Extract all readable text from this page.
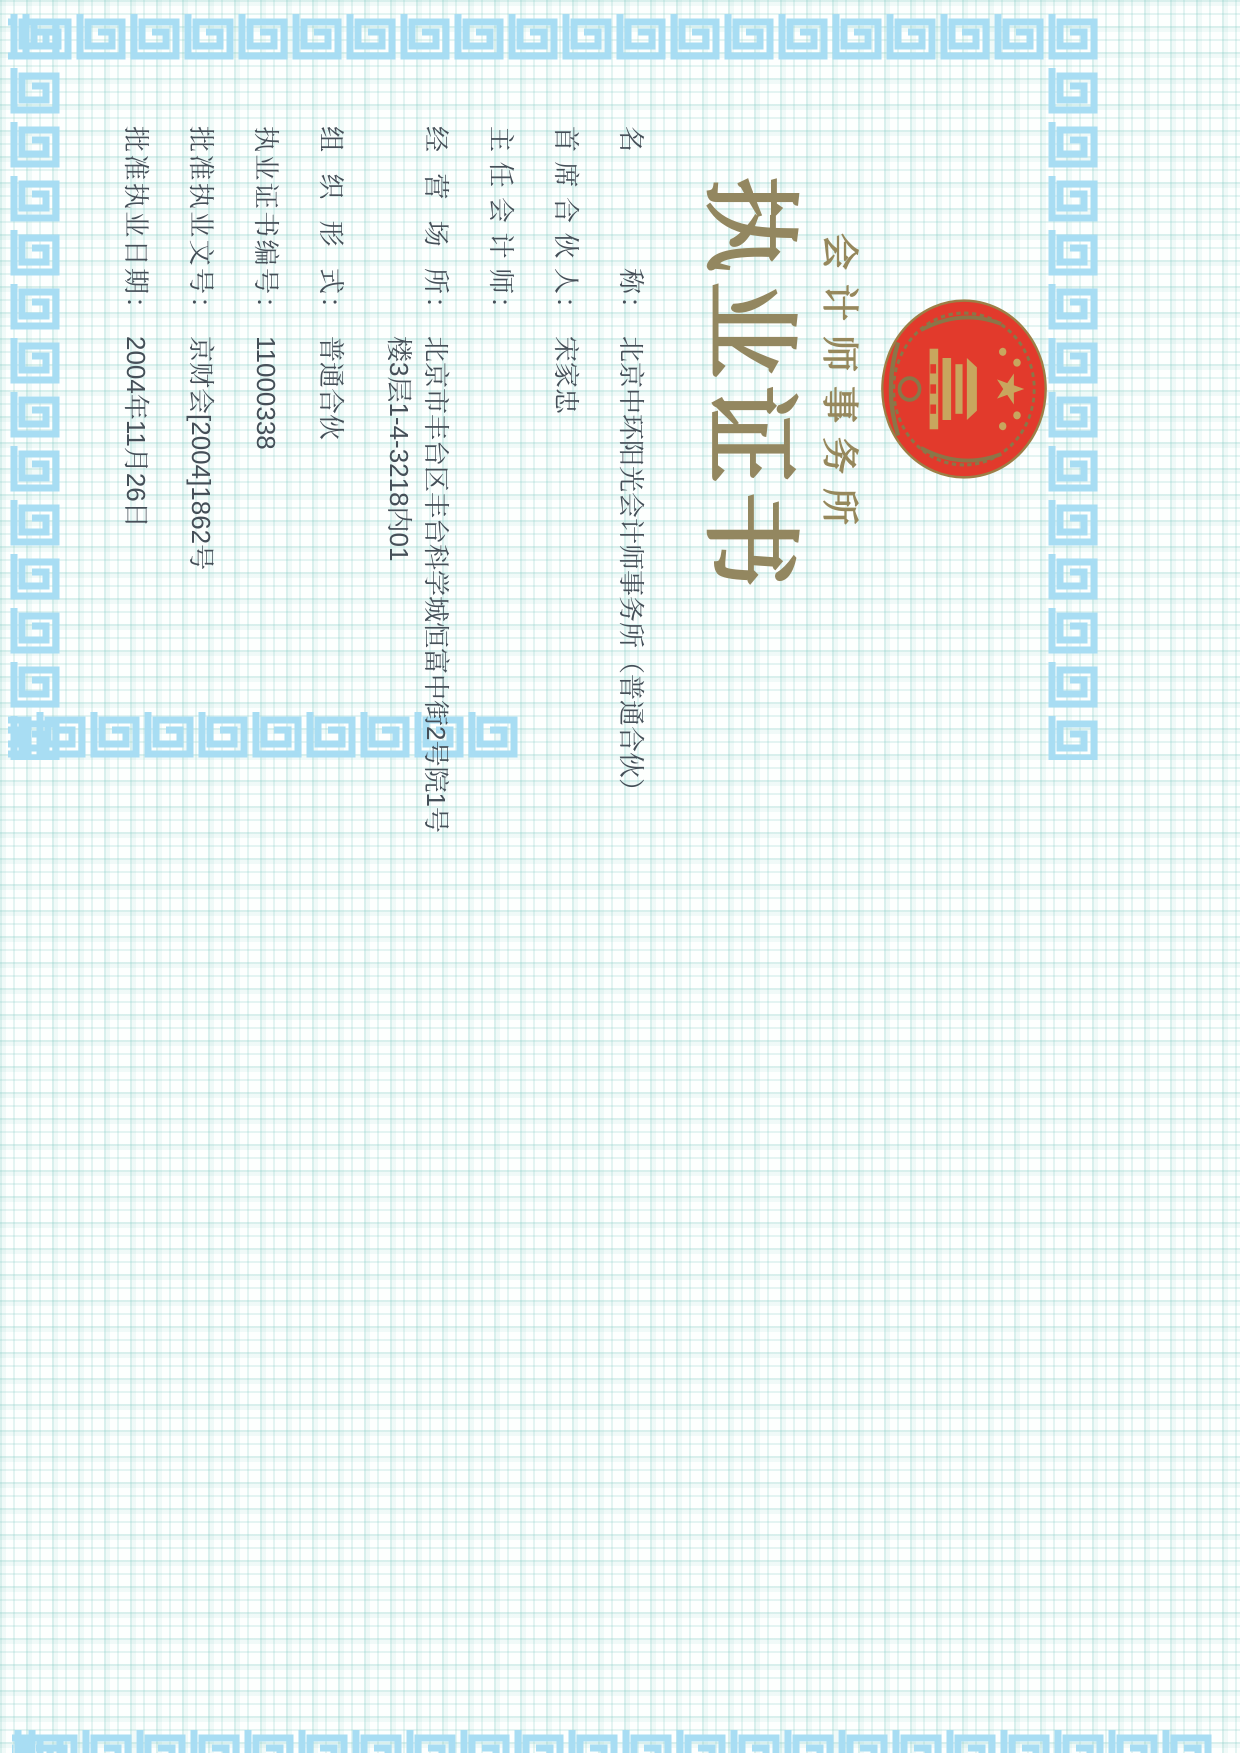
会计师事务所
执业证书
名称
：
北京中环阳光会计师事务所（普通合伙）
首席合伙人
：
宋家忠
主任会计师
：
经营场所
：
北京市丰台区丰台科学城恒富中街2号院1号
楼3层1-4-3218内01
组织形式
：
普通合伙
执业证书编号
：
11000338
批准执业文号
：
京财会[2004]1862号
批准执业日期
：
2004年11月26日
